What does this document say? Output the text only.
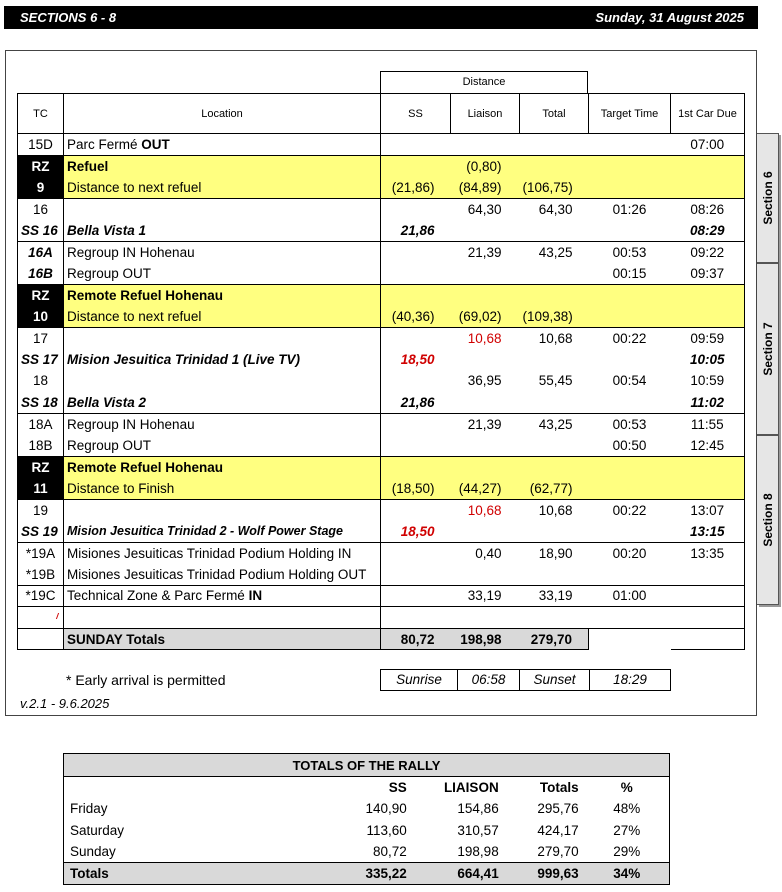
SECTIONS 6 - 8	Sunday, 31 August 2025
Distance
TC	Location	SS	Liaison	Total	Target Time	1st Car Due
15D	Parc Fermé OUT					07:00
RZ	Refuel		(0,80)			
9	Distance to next refuel	(21,86)	(84,89)	(106,75)		
16			64,30	64,30	01:26	08:26
SS 16	Bella Vista 1	21,86				08:29
16A	Regroup IN Hohenau		21,39	43,25	00:53	09:22
16B	Regroup OUT				00:15	09:37
RZ	Remote Refuel Hohenau					
10	Distance to next refuel	(40,36)	(69,02)	(109,38)		
17			10,68	10,68	00:22	09:59
SS 17	Mision Jesuitica Trinidad 1 (Live TV)	18,50				10:05
18			36,95	55,45	00:54	10:59
SS 18	Bella Vista 2	21,86				11:02
18A	Regroup IN Hohenau		21,39	43,25	00:53	11:55
18B	Regroup OUT				00:50	12:45
RZ	Remote Refuel Hohenau					
11	Distance to Finish	(18,50)	(44,27)	(62,77)		
19			10,68	10,68	00:22	13:07
SS 19	Mision Jesuitica Trinidad 2 - Wolf Power Stage	18,50				13:15
*19A	Misiones Jesuiticas Trinidad Podium Holding IN		0,40	18,90	00:20	13:35
*19B	Misiones Jesuiticas Trinidad Podium Holding OUT					
*19C	Technical Zone & Parc Fermé IN		33,19	33,19	01:00	

	SUNDAY Totals	80,72	198,98	279,70		
Section 6
Section 7
Section 8
* Early arrival is permitted	Sunrise	06:58	Sunset	18:29
v.2.1 - 9.6.2025
TOTALS OF THE RALLY				
	SS	LIAISON	Totals	%
Friday	140,90	154,86	295,76	48%
Saturday	113,60	310,57	424,17	27%
Sunday	80,72	198,98	279,70	29%
Totals	335,22	664,41	999,63	34%
